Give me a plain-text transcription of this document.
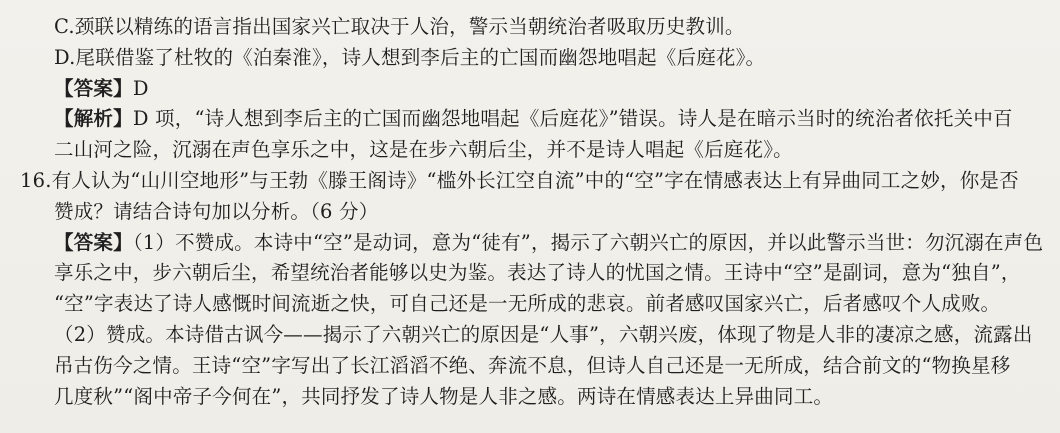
C.颈联以精练的语言指出国家兴亡取决于人治，警示当朝统治者吸取历史教训。
D.尾联借鉴了杜牧的《泊秦淮》，诗人想到李后主的亡国而幽怨地唱起《后庭花》。
【答案】D
【解析】D 项，“诗人想到李后主的亡国而幽怨地唱起《后庭花》”错误。诗人是在暗示当时的统治者依托关中百
二山河之险，沉溺在声色享乐之中，这是在步六朝后尘，并不是诗人唱起《后庭花》。
16.有人认为“山川空地形”与王勃《滕王阁诗》“槛外长江空自流”中的“空”字在情感表达上有异曲同工之妙，你是否
赞成？请结合诗句加以分析。（6 分）
【答案】（1）不赞成。本诗中“空”是动词，意为“徒有”，揭示了六朝兴亡的原因，并以此警示当世：勿沉溺在声色
享乐之中，步六朝后尘，希望统治者能够以史为鉴。表达了诗人的忧国之情。王诗中“空”是副词，意为“独自”，
“空”字表达了诗人感慨时间流逝之快，可自己还是一无所成的悲哀。前者感叹国家兴亡，后者感叹个人成败。
（2）赞成。本诗借古讽今——揭示了六朝兴亡的原因是“人事”，六朝兴废，体现了物是人非的凄凉之感，流露出
吊古伤今之情。王诗“空”字写出了长江滔滔不绝、奔流不息，但诗人自己还是一无所成，结合前文的“物换星移
几度秋”“阁中帝子今何在”，共同抒发了诗人物是人非之感。两诗在情感表达上异曲同工。
